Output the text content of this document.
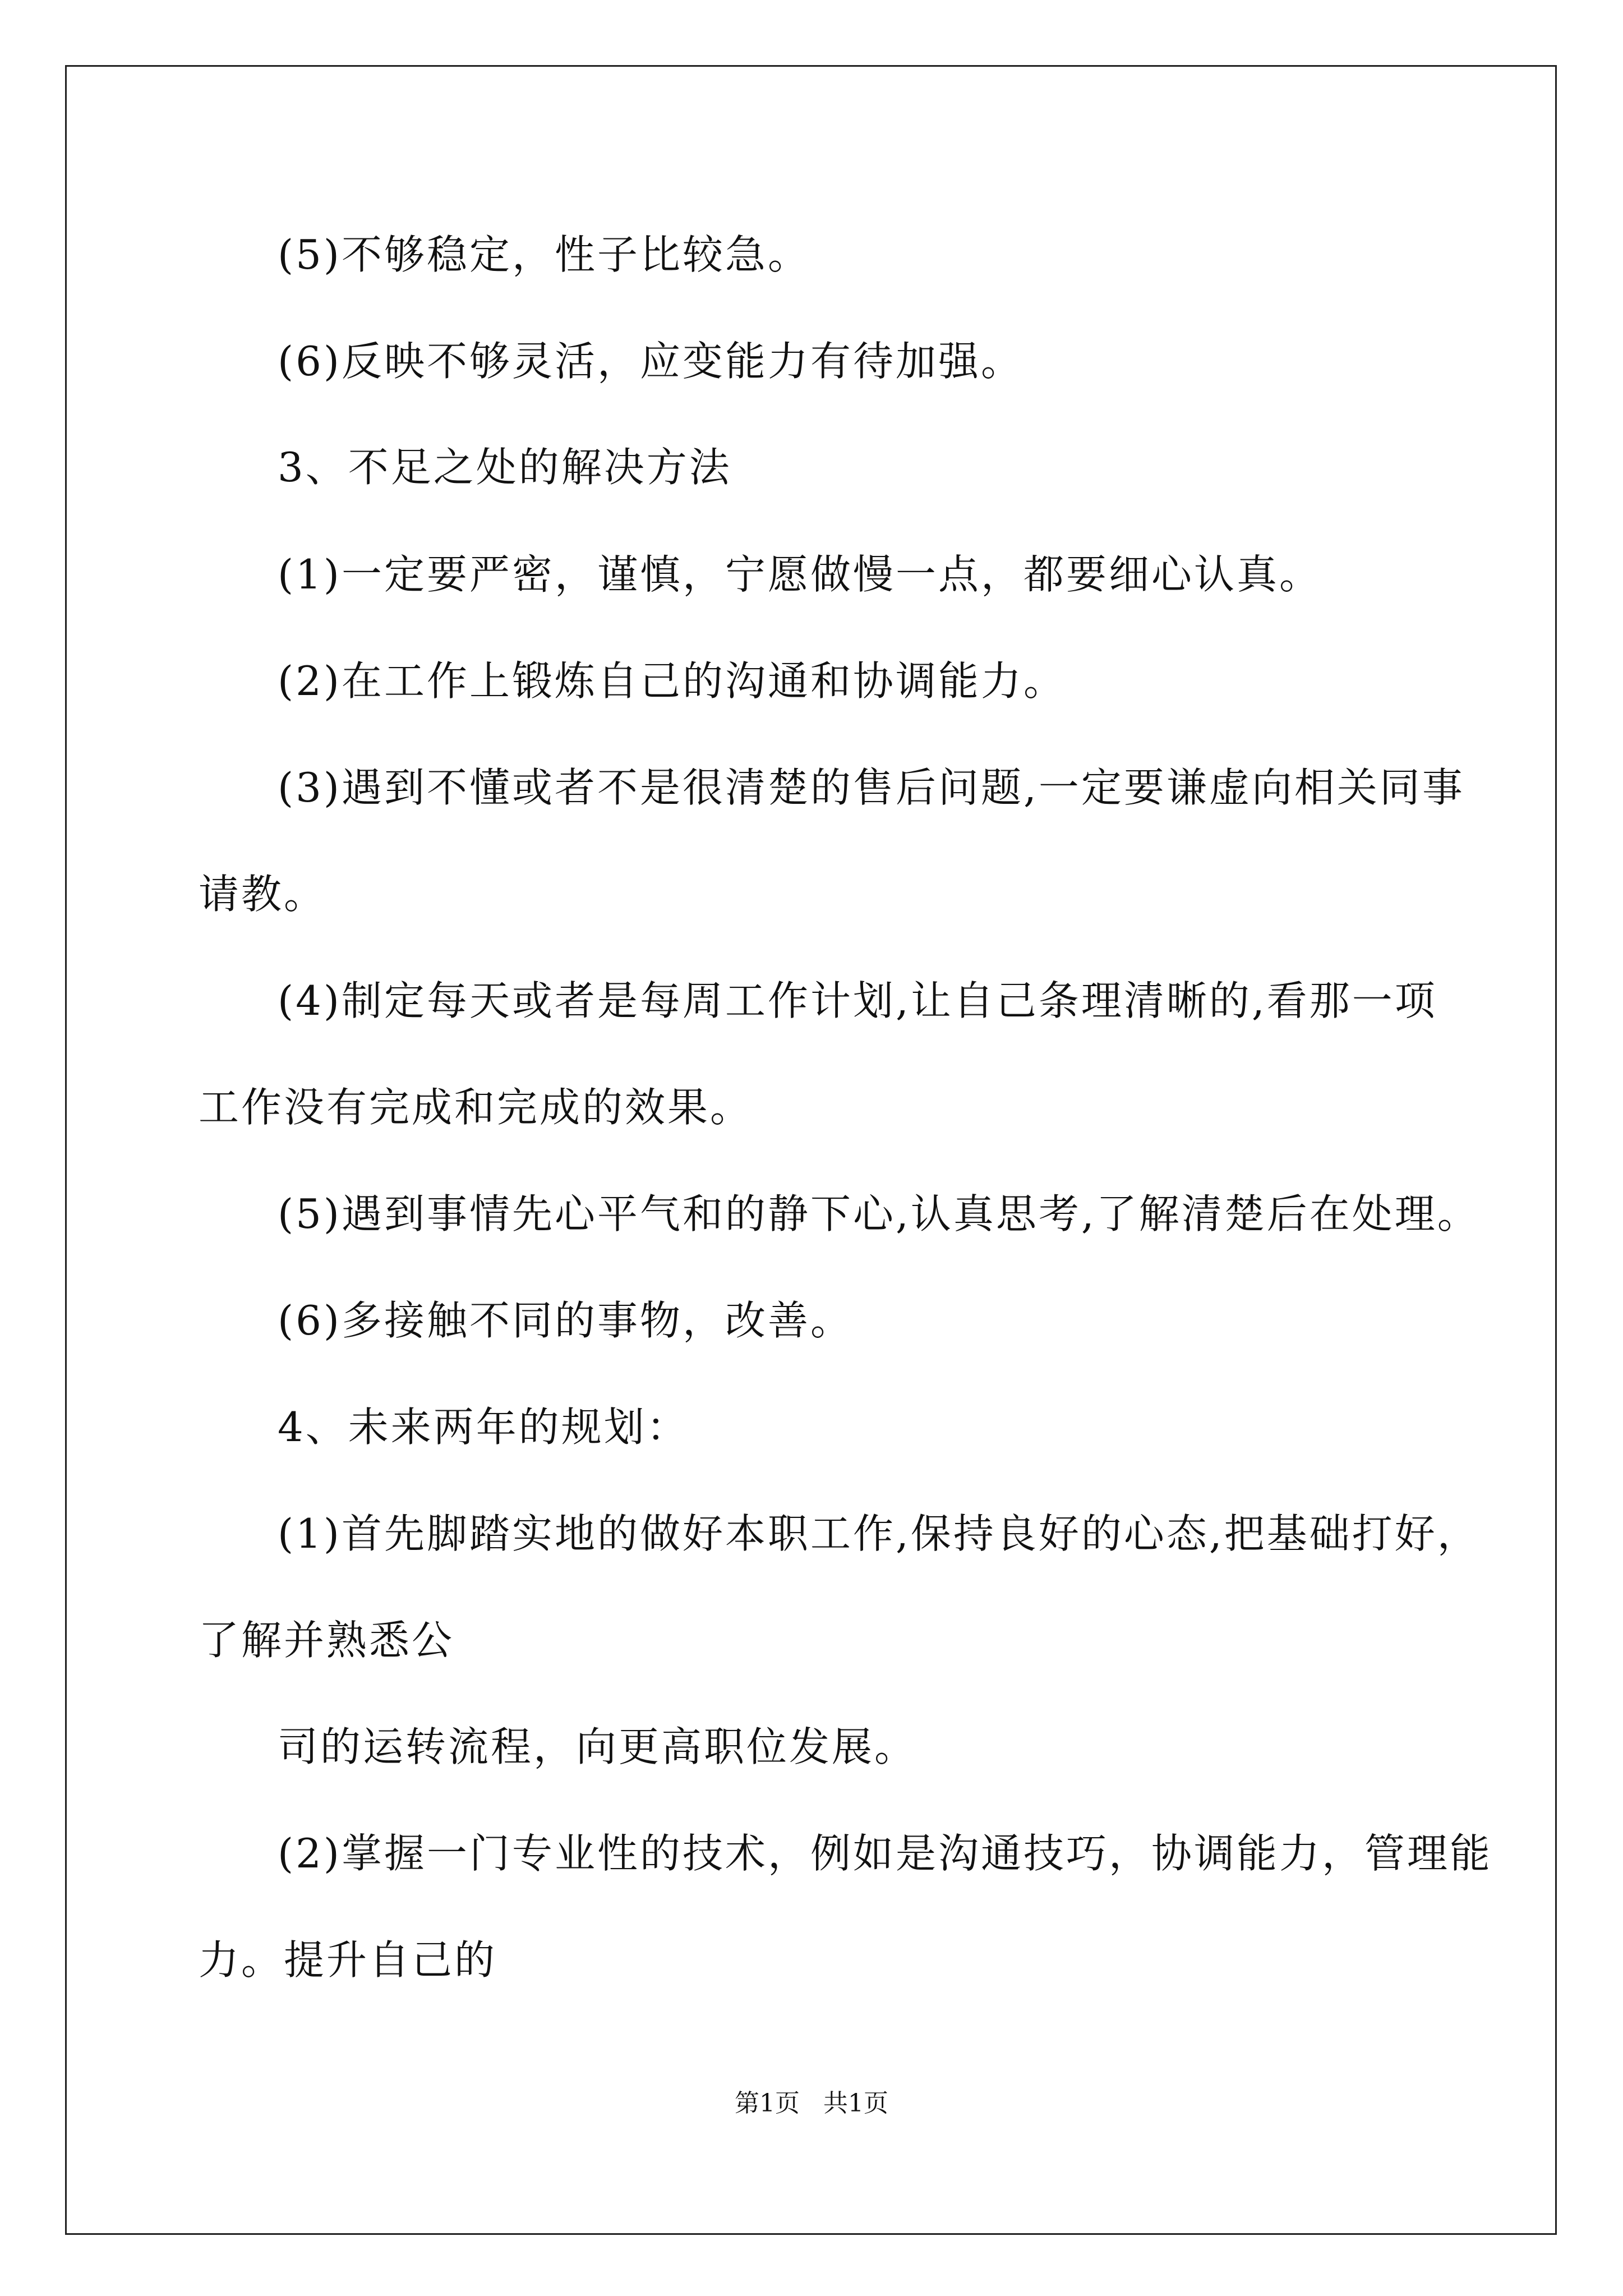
(5)不够稳定，性子比较急。
(6)反映不够灵活，应变能力有待加强。
3、不足之处的解决方法
(1)一定要严密，谨慎，宁愿做慢一点，都要细心认真。
(2)在工作上锻炼自己的沟通和协调能力。
(3)遇到不懂或者不是很清楚的售后问题,一定要谦虚向相关同事
请教。
(4)制定每天或者是每周工作计划,让自己条理清晰的,看那一项
工作没有完成和完成的效果。
(5)遇到事情先心平气和的静下心,认真思考,了解清楚后在处理。
(6)多接触不同的事物，改善。
4、未来两年的规划：
(1)首先脚踏实地的做好本职工作,保持良好的心态,把基础打好，
了解并熟悉公
司的运转流程，向更高职位发展。
(2)掌握一门专业性的技术，例如是沟通技巧，协调能力，管理能
力。提升自己的
第1页   共1页
